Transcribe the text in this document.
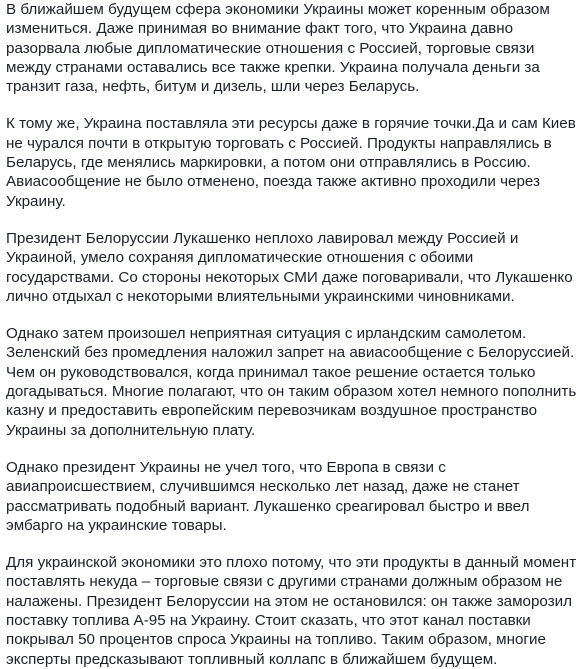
В ближайшем будущем сфера экономики Украины может коренным образом измениться. Даже принимая во внимание факт того, что Украина давно разорвала любые дипломатические отношения с Россией, торговые связи между странами оставались все также крепки. Украина получала деньги за транзит газа, нефть, битум и дизель, шли через Беларусь.

К тому же, Украина поставляла эти ресурсы даже в горячие точки.Да и сам Киев не чурался почти в открытую торговать с Россией. Продукты направлялись в Беларусь, где менялись маркировки, а потом они отправлялись в Россию. Авиасообщение не было отменено, поезда также активно проходили через Украину.

Президент Белоруссии Лукашенко неплохо лавировал между Россией и Украиной, умело сохраняя дипломатические отношения с обоими государствами. Со стороны некоторых СМИ даже поговаривали, что Лукашенко лично отдыхал с некоторыми влиятельными украинскими чиновниками.

Однако затем произошел неприятная ситуация с ирландским самолетом. Зеленский без промедления наложил запрет на авиасообщение с Белоруссией. Чем он руководствовался, когда принимал такое решение остается только догадываться. Многие полагают, что он таким образом хотел немного пополнить казну и предоставить европейским перевозчикам воздушное пространство Украины за дополнительную плату.

Однако президент Украины не учел того, что Европа в связи с авиапроисшествием, случившимся несколько лет назад, даже не станет рассматривать подобный вариант. Лукашенко среагировал быстро и ввел эмбарго на украинские товары.

Для украинской экономики это плохо потому, что эти продукты в данный момент поставлять некуда – торговые связи с другими странами должным образом не налажены. Президент Белоруссии на этом не остановился: он также заморозил поставку топлива А-95 на Украину. Стоит сказать, что этот канал поставки покрывал 50 процентов спроса Украины на топливо. Таким образом, многие эксперты предсказывают топливный коллапс в ближайшем будущем.
